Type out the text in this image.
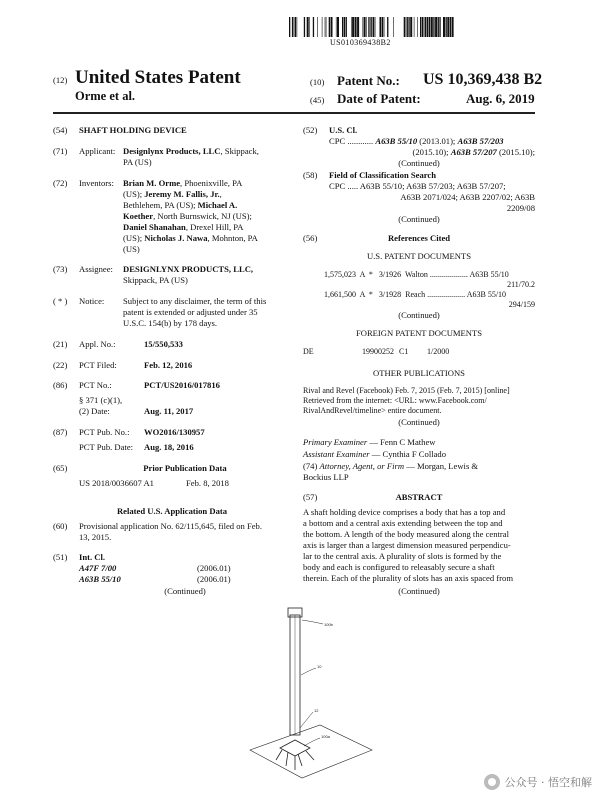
US010369438B2
(12) United States Patent
Orme et al.
(10) Patent No.: US 10,369,438 B2
(45) Date of Patent:	Aug. 6, 2019
(54) SHAFT HOLDING DEVICE
(71) Applicant: Designlynx Products, LLC, Skippack,
PA (US)
(72) Inventors: Brian M. Orme, Phoenixville, PA
(US); Jeremy M. Fallis, Jr.,
Bethlehem, PA (US); Michael A.
Koether, North Burnswick, NJ (US);
Daniel Shanahan, Drexel Hill, PA
(US); Nicholas J. Nawa, Mohnton, PA
(US)
(73) Assignee: DESIGNLYNX PRODUCTS, LLC,
Skippack, PA (US)
( * ) Notice: Subject to any disclaimer, the term of this
patent is extended or adjusted under 35
U.S.C. 154(b) by 178 days.
(21) Appl. No.:	15/550,533
(22) PCT Filed:	Feb. 12, 2016
(86) PCT No.:	PCT/US2016/017816
§ 371 (c)(1),
(2) Date:	Aug. 11, 2017
(87) PCT Pub. No.: WO2016/130957
PCT Pub. Date: Aug. 18, 2016
(65)	Prior Publication Data
US 2018/0036607 A1	Feb. 8, 2018
Related U.S. Application Data
(60) Provisional application No. 62/115,645, filed on Feb.
13, 2015.
(51) Int. Cl.
A47F 7/00	(2006.01)
A63B 55/10	(2006.01)
(Continued)
(52) U.S. Cl.
CPC ............ A63B 55/10 (2013.01); A63B 57/203
(2015.10); A63B 57/207 (2015.10);
(Continued)
(58) Field of Classification Search
CPC ..... A63B 55/10; A63B 57/203; A63B 57/207;
A63B 2071/024; A63B 2207/02; A63B
2209/08
(Continued)
(56)	References Cited
U.S. PATENT DOCUMENTS
1,575,023 A * 3/1926 Walton ................... A63B 55/10
211/70.2
1,661,500 A * 3/1928 Reach ................... A63B 55/10
294/159
(Continued)
FOREIGN PATENT DOCUMENTS
DE	19900252 C1 1/2000
OTHER PUBLICATIONS
Rival and Revel (Facebook) Feb. 7, 2015 (Feb. 7, 2015) [online]
Retrieved from the internet: <URL: www.Facebook.com/
RivalAndRevel/timeline> entire document.
(Continued)
Primary Examiner — Fenn C Mathew
Assistant Examiner — Cynthia F Collado
(74) Attorney, Agent, or Firm — Morgan, Lewis &
Bockius LLP
(57)	ABSTRACT
A shaft holding device comprises a body that has a top and
a bottom and a central axis extending between the top and
the bottom. A length of the body measured along the central
axis is larger than a largest dimension measured perpendicu-
lar to the central axis. A plurality of slots is formed by the
body and each is configured to releasably secure a shaft
therein. Each of the plurality of slots has an axis spaced from
(Continued)
100b
10
12
100a
公众号 · 悟空和解
